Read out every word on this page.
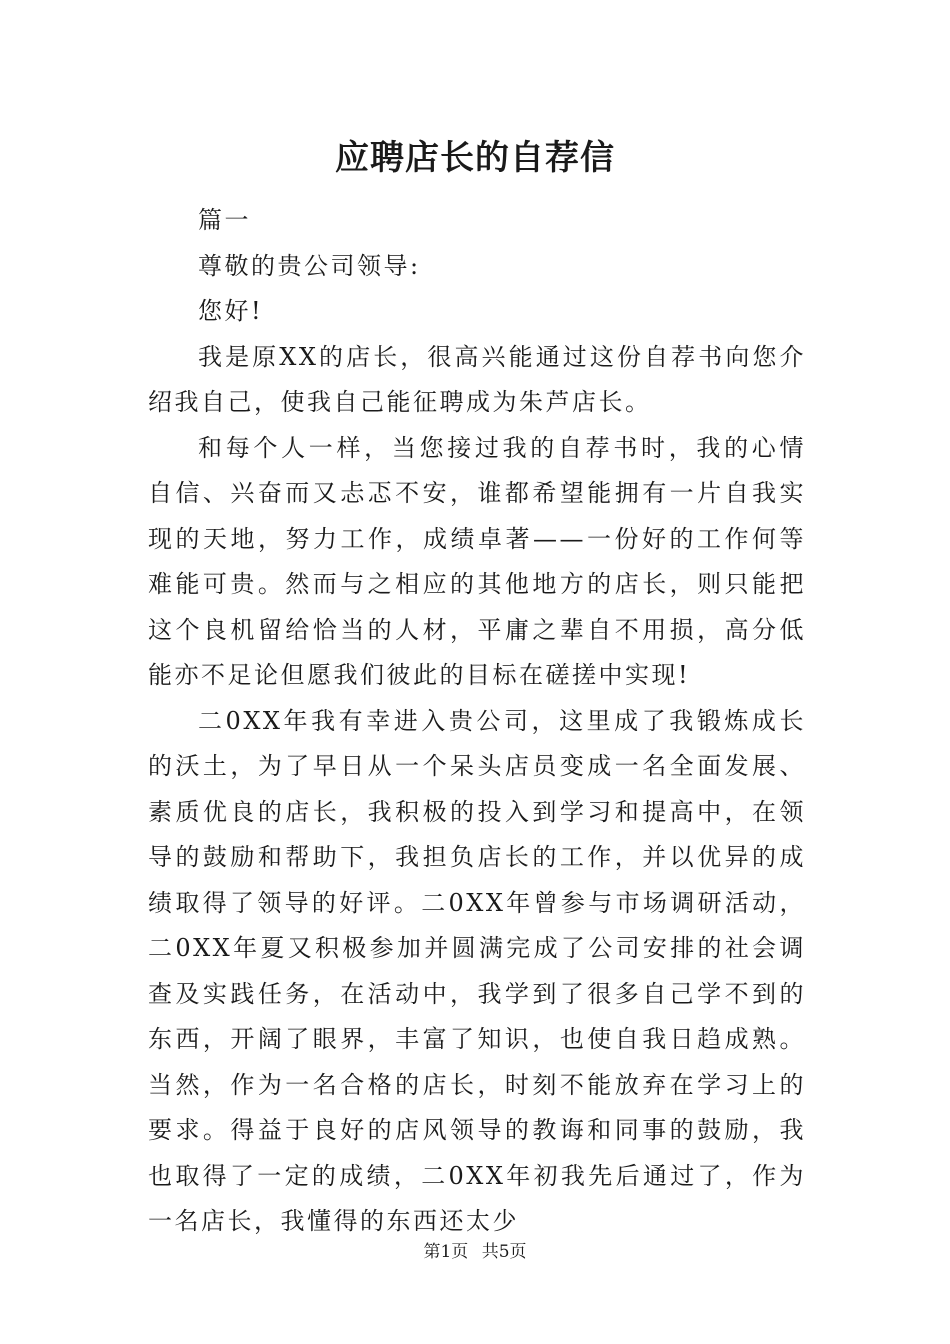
应聘店长的自荐信

篇一

尊敬的贵公司领导:

您好!

我是原XX的店长，很高兴能通过这份自荐书向您介绍我自己，使我自己能征聘成为朱芦店长。

和每个人一样，当您接过我的自荐书时，我的心情自信、兴奋而又忐忑不安，谁都希望能拥有一片自我实现的天地，努力工作，成绩卓著——一份好的工作何等难能可贵。然而与之相应的其他地方的店长，则只能把这个良机留给恰当的人材，平庸之辈自不用损，高分低能亦不足论但愿我们彼此的目标在磋搓中实现!

二0XX年我有幸进入贵公司，这里成了我锻炼成长的沃土，为了早日从一个呆头店员变成一名全面发展、素质优良的店长，我积极的投入到学习和提高中，在领导的鼓励和帮助下，我担负店长的工作，并以优异的成绩取得了领导的好评。二0XX年曾参与市场调研活动，二0XX年夏又积极参加并圆满完成了公司安排的社会调查及实践任务，在活动中，我学到了很多自己学不到的东西，开阔了眼界，丰富了知识，也使自我日趋成熟。当然，作为一名合格的店长，时刻不能放弃在学习上的要求。得益于良好的店风领导的教诲和同事的鼓励，我也取得了一定的成绩，二0XX年初我先后通过了，作为一名店长，我懂得的东西还太少

第1页 共5页
